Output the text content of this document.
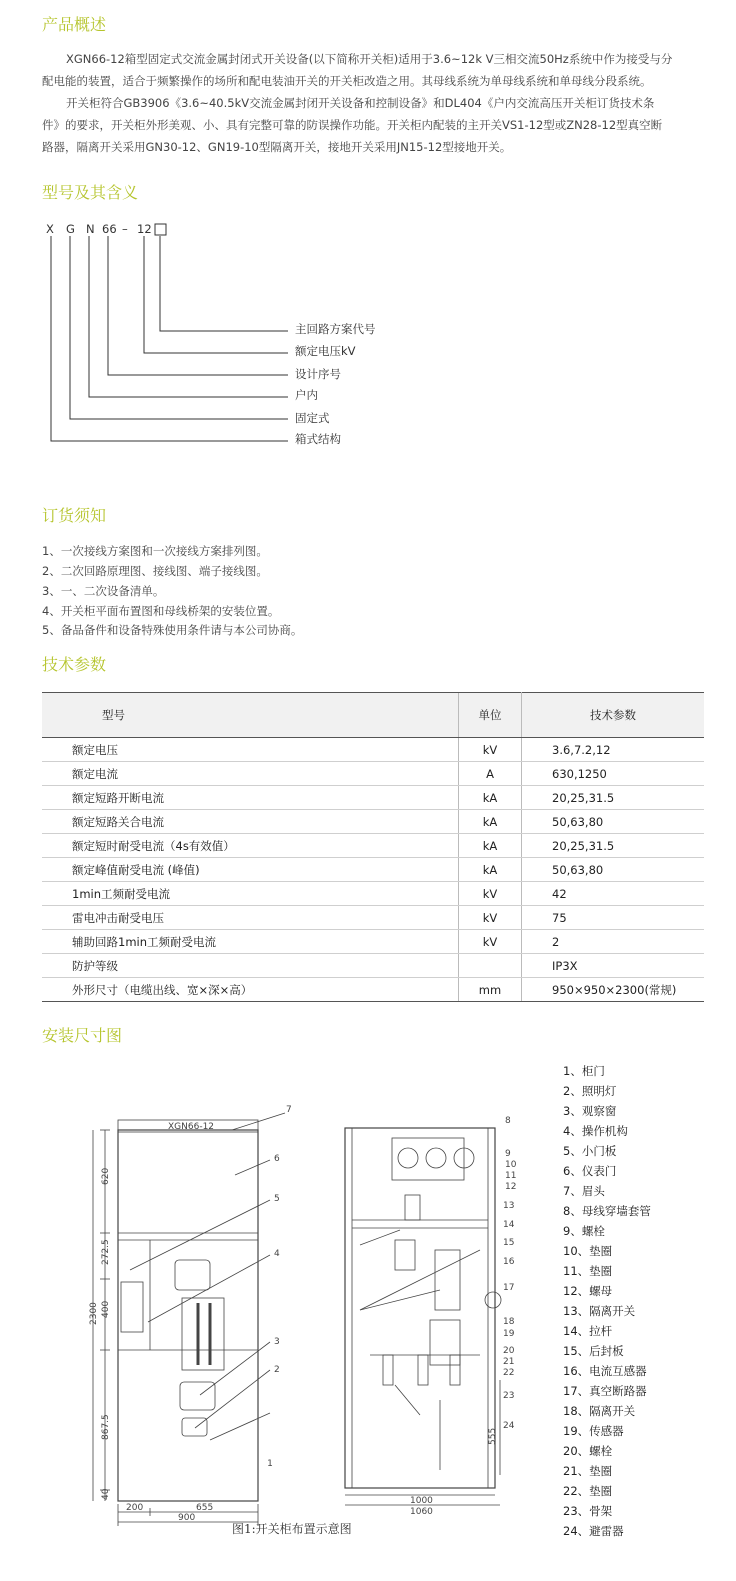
产品概述
型号及其含义
订货须知
技术参数
安装尺寸图
XGN66-12箱型固定式交流金属封闭式开关设备(以下简称开关柜)适用于3.6~12k V三相交流50Hz系统中作为接受与分
配电能的装置，适合于频繁操作的场所和配电装油开关的开关柜改造之用。其母线系统为单母线系统和单母线分段系统。
开关柜符合GB3906《3.6~40.5kV交流金属封闭开关设备和控制设备》和DL404《户内交流高压开关柜订货技术条
件》的要求，开关柜外形美观、小、具有完整可靠的防误操作功能。开关柜内配装的主开关VS1-12型或ZN28-12型真空断
路器，隔离开关采用GN30-12、GN19-10型隔离开关，接地开关采用JN15-12型接地开关。
X G N 66 – 12
主回路方案代号
额定电压kV
设计序号
户内
固定式
箱式结构
1、一次接线方案图和一次接线方案排列图。
2、二次回路原理图、接线图、端子接线图。
3、一、二次设备清单。
4、开关柜平面布置图和母线桥架的安装位置。
5、备品备件和设备特殊使用条件请与本公司协商。
型号	单位	技术参数
额定电压	kV	3.6,7.2,12
额定电流	A	630,1250
额定短路开断电流	kA	20,25,31.5
额定短路关合电流	kA	50,63,80
额定短时耐受电流（4s有效值）	kA	20,25,31.5
额定峰值耐受电流 (峰值)	kA	50,63,80
1min工频耐受电流	kV	42
雷电冲击耐受电压	kV	75
辅助回路1min工频耐受电流	kV	2
防护等级		IP3X
外形尺寸（电缆出线、宽×深×高）	mm	950×950×2300(常规)
XGN66-12
1
2
3
4
5
6
7
620
272.5
400
2300
867.5
40
200	655
900
8
9
10
11
12
13
14
15
16
17
18
19
20
21
22
23
24
555
1000
1060
图1:开关柜布置示意图
1、柜门
2、照明灯
3、观察窗
4、操作机构
5、小门板
6、仪表门
7、眉头
8、母线穿墙套管
9、螺栓
10、垫圈
11、垫圈
12、螺母
13、隔离开关
14、拉杆
15、后封板
16、电流互感器
17、真空断路器
18、隔离开关
19、传感器
20、螺栓
21、垫圈
22、垫圈
23、骨架
24、避雷器
